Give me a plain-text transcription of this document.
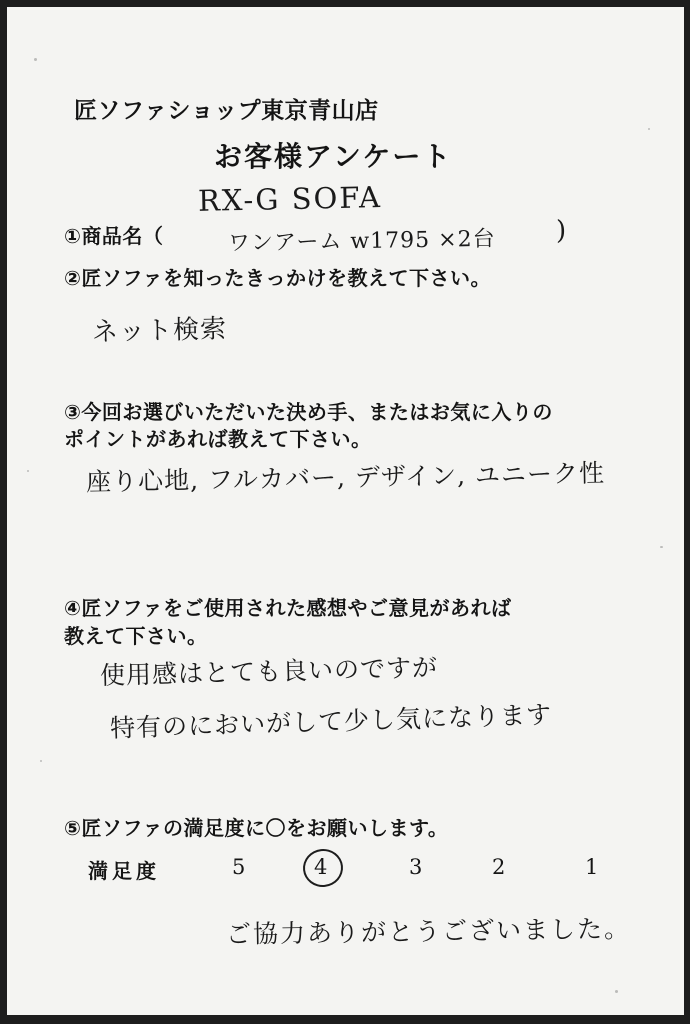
匠ソファショップ東京青山店
お客様アンケート
①商品名（	)
RX-G SOFA
ワンアーム w1795 ×2台
②匠ソファを知ったきっかけを教えて下さい。
ネット検索
③今回お選びいただいた決め手、またはお気に入りの
ポイントがあれば教えて下さい。
座り心地, フルカバー, デザイン, ユニーク性
④匠ソファをご使用された感想やご意見があれば
教えて下さい。
使用感はとても良いのですが
特有のにおいがして少し気になります
⑤匠ソファの満足度に〇をお願いします。
満足度	5	4	3	2	1
ご協力ありがとうございました。
